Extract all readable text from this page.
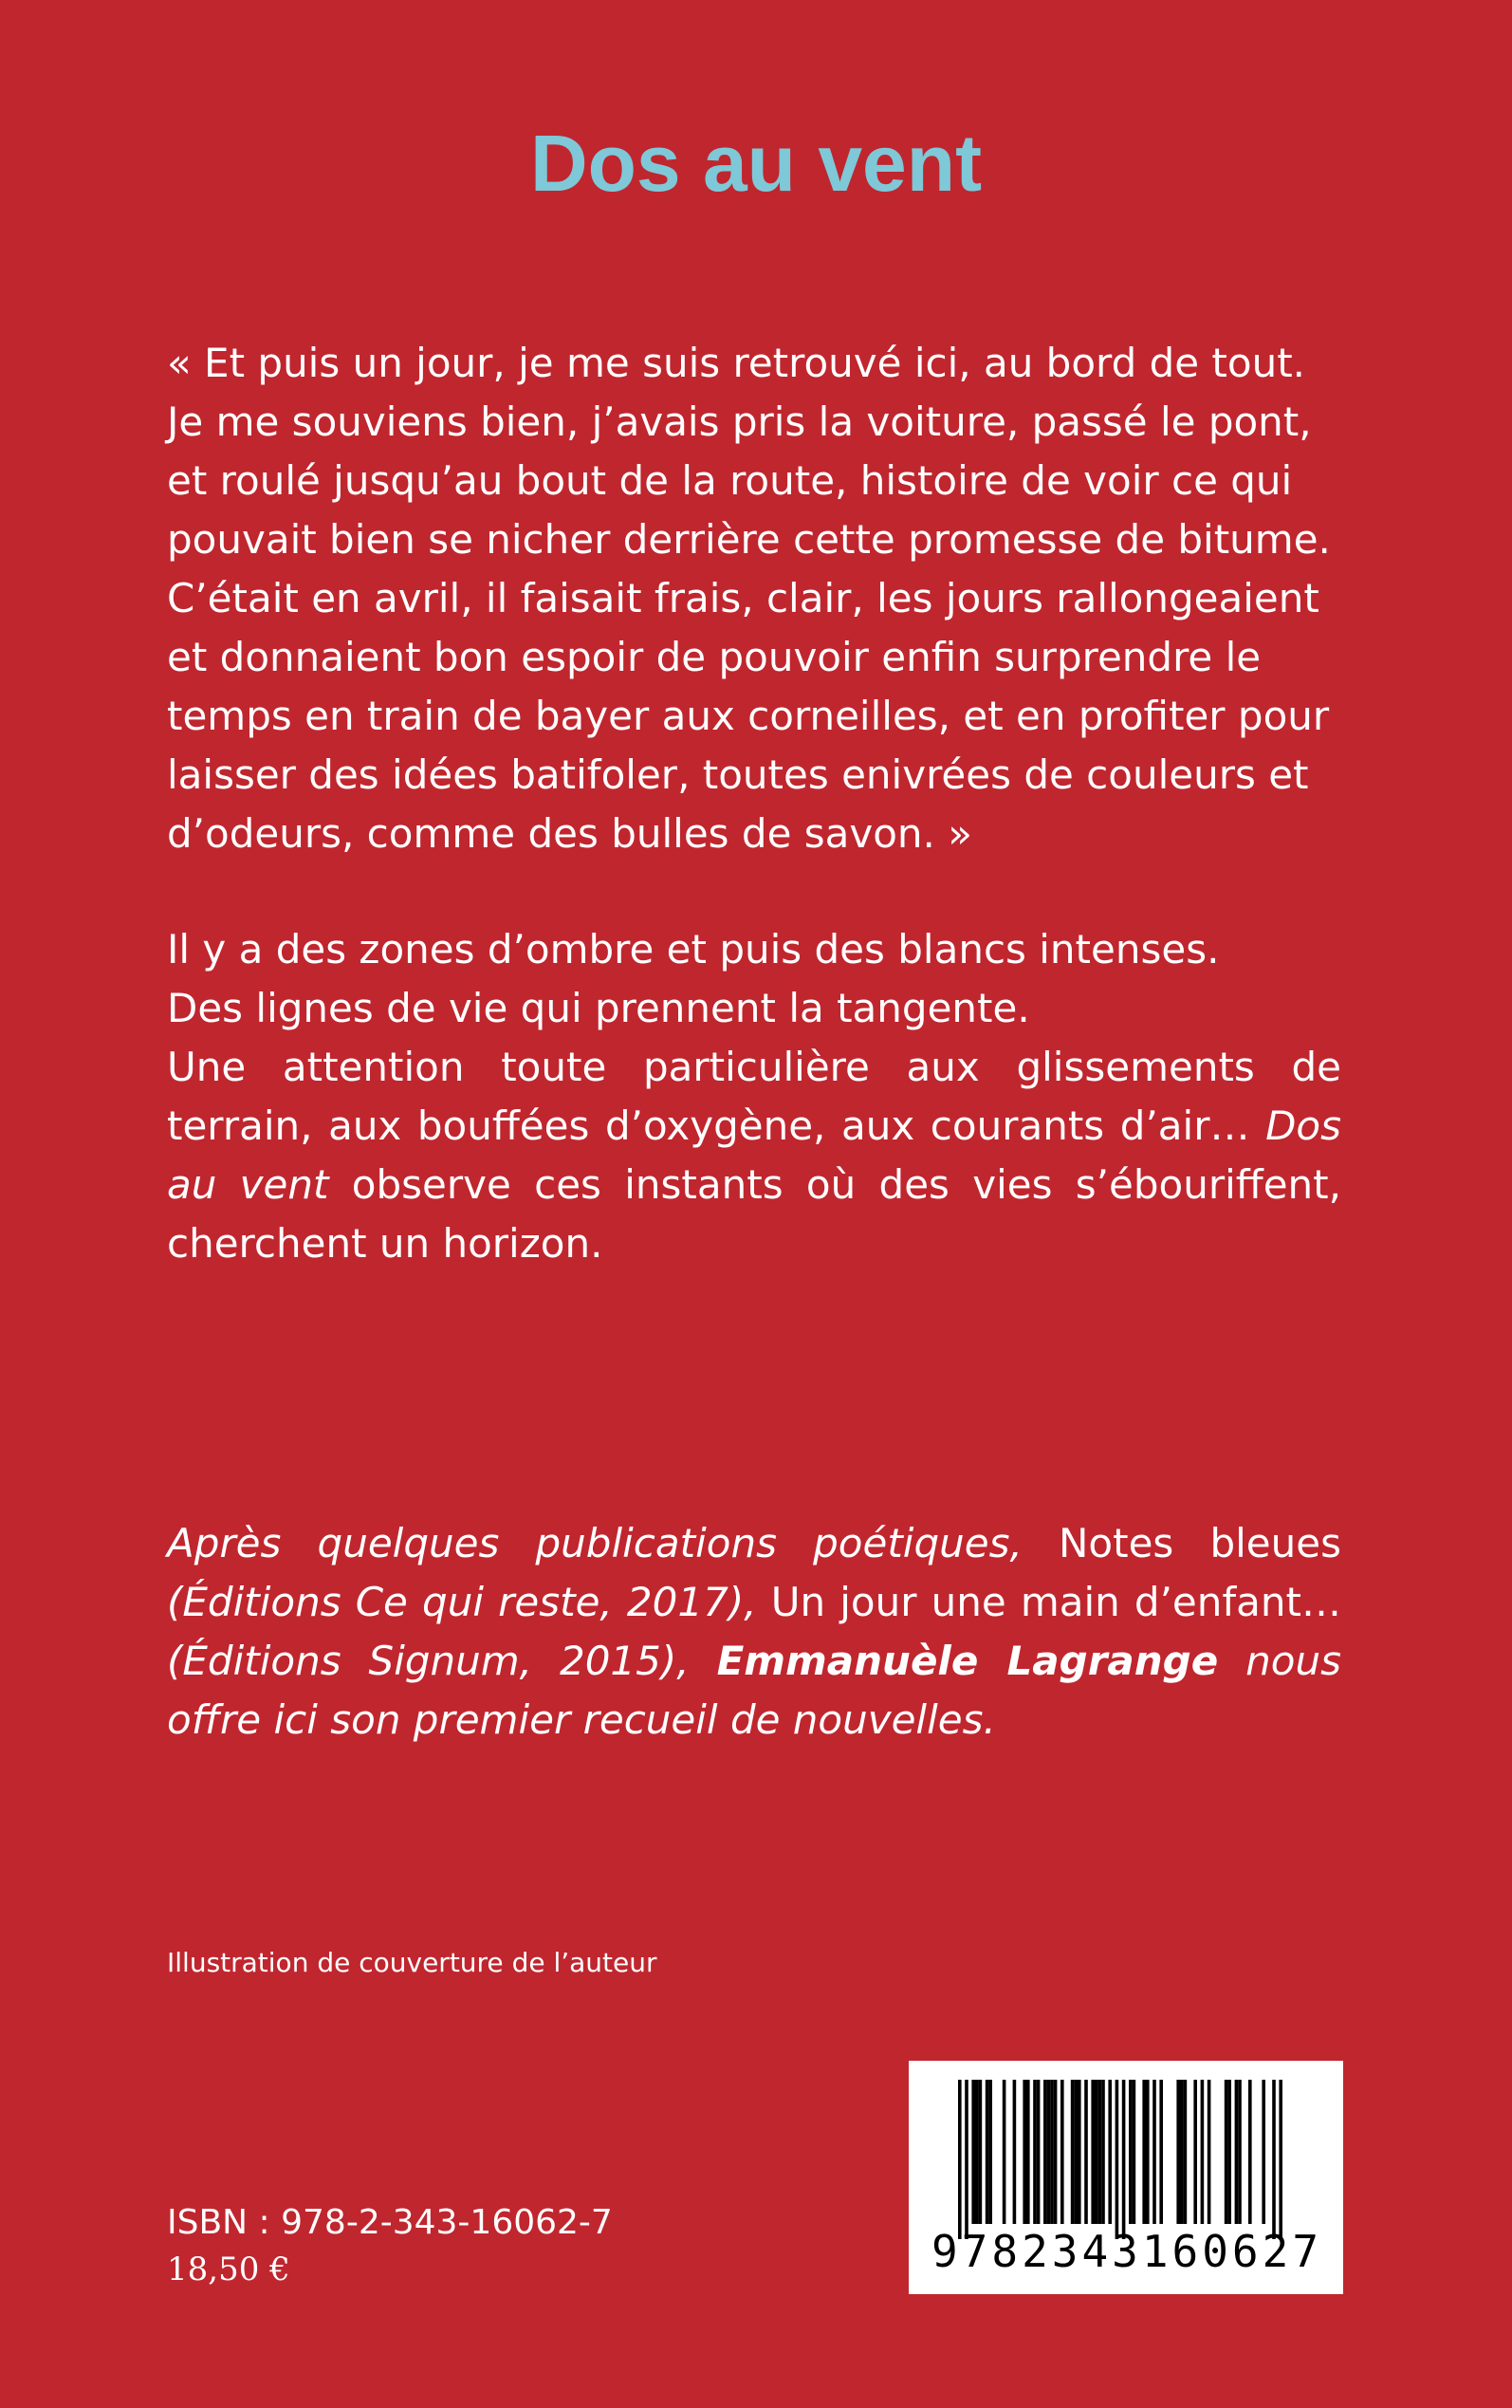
Dos au vent
« Et puis un jour, je me suis retrouvé ici, au bord de tout.
Je me souviens bien, j’avais pris la voiture, passé le pont,
et roulé jusqu’au bout de la route, histoire de voir ce qui
pouvait bien se nicher derrière cette promesse de bitume.
C’était en avril, il faisait frais, clair, les jours rallongeaient
et donnaient bon espoir de pouvoir enfin surprendre le
temps en train de bayer aux corneilles, et en profiter pour
laisser des idées batifoler, toutes enivrées de couleurs et
d’odeurs, comme des bulles de savon. »
Il y a des zones d’ombre et puis des blancs intenses.
Des lignes de vie qui prennent la tangente.
Une attention toute particulière aux glissements de terrain, aux bouffées d’oxygène, aux courants d’air… Dos au vent observe ces instants où des vies s’ébouriffent, cherchent un horizon.
Après quelques publications poétiques, Notes bleues (Éditions Ce qui reste, 2017), Un jour une main d’enfant… (Éditions Signum, 2015), Emmanuèle Lagrange nous offre ici son premier recueil de nouvelles.

Illustration de couverture de l’auteur

ISBN : 978-2-343-16062-7

18,50 €	9782343160627
